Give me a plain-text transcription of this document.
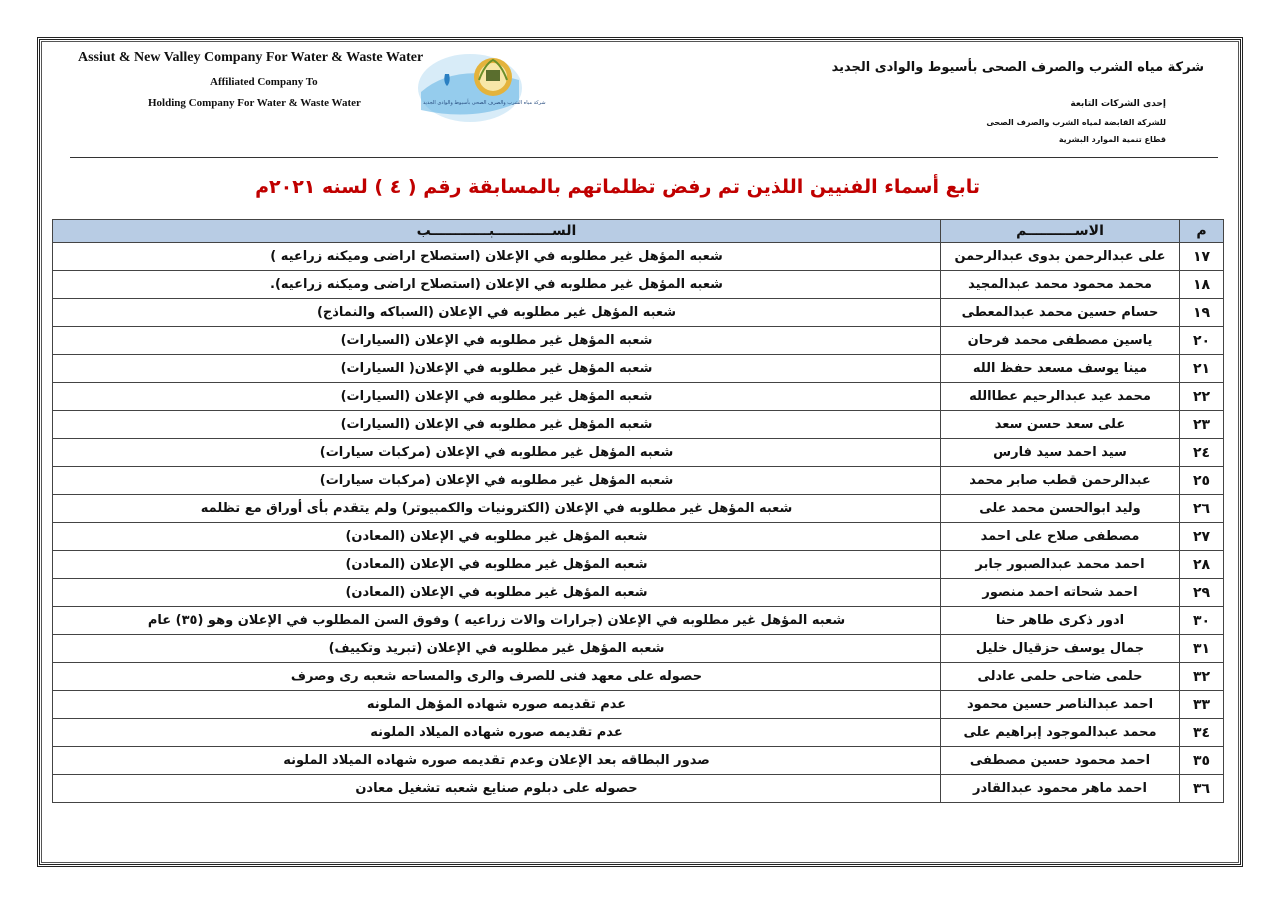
Assiut & New Valley Company For Water & Waste Water
Affiliated Company To
Holding Company For Water & Waste Water	شركة مياه الشرب والصرف الصحى بأسيوط والوادى الجديد
شركة مياه الشرب والصرف الصحى بأسيوط والوادى الجديد
إحدى الشركات التابعة
للشركة القابضة لمياه الشرب والصرف الصحى
قطاع تنمية الموارد البشرية
تابع أسماء الفنيين اللذين تم رفض تظلماتهم بالمسابقة رقم ( ٤ ) لسنه ٢٠٢١م
م	الاســــــــــم	الســــــــــــبــــــــــــب
١٧	على عبدالرحمن بدوى عبدالرحمن	شعبه المؤهل غير مطلوبه في الإعلان (استصلاح اراضى وميكنه زراعيه )
١٨	محمد محمود محمد عبدالمجيد	شعبه المؤهل غير مطلوبه في الإعلان (استصلاح اراضى وميكنه زراعيه).
١٩	حسام حسين محمد عبدالمعطى	شعبه المؤهل غير مطلوبه في الإعلان (السباكه والنماذج)
٢٠	ياسين مصطفى محمد فرحان	شعبه المؤهل غير مطلوبه في الإعلان (السيارات)
٢١	مينا يوسف مسعد حفظ الله	شعبه المؤهل غير مطلوبه في الإعلان( السيارات)
٢٢	محمد عيد عبدالرحيم عطاالله	شعبه المؤهل غير مطلوبه في الإعلان (السيارات)
٢٣	على سعد حسن سعد	شعبه المؤهل غير مطلوبه في الإعلان (السيارات)
٢٤	سيد احمد سيد فارس	شعبه المؤهل غير مطلوبه في الإعلان (مركبات سيارات)
٢٥	عبدالرحمن قطب صابر محمد	شعبه المؤهل غير مطلوبه في الإعلان (مركبات سيارات)
٢٦	وليد ابوالحسن محمد على	شعبه المؤهل غير مطلوبه في الإعلان (الكترونيات والكمبيوتر) ولم يتقدم بأى أوراق مع تظلمه
٢٧	مصطفى صلاح على احمد	شعبه المؤهل غير مطلوبه في الإعلان (المعادن)
٢٨	احمد محمد عبدالصبور جابر	شعبه المؤهل غير مطلوبه في الإعلان (المعادن)
٢٩	احمد شحاته احمد منصور	شعبه المؤهل غير مطلوبه في الإعلان (المعادن)
٣٠	ادور ذكرى طاهر حنا	شعبه المؤهل غير مطلوبه في الإعلان (جرارات والات زراعيه ) وفوق السن المطلوب في الإعلان وهو (٣٥) عام
٣١	جمال يوسف حزقيال خليل	شعبه المؤهل غير مطلوبه في الإعلان (تبريد وتكييف)
٣٢	حلمى ضاحى حلمى عادلى	حصوله على معهد فنى للصرف والرى والمساحه شعبه رى وصرف
٣٣	احمد عبدالناصر حسين محمود	عدم تقديمه صوره شهاده المؤهل الملونه
٣٤	محمد عبدالموجود إبراهيم على	عدم تقديمه صوره شهاده الميلاد الملونه
٣٥	احمد محمود حسين مصطفى	صدور البطاقه بعد الإعلان وعدم تقديمه صوره شهاده الميلاد الملونه
٣٦	احمد ماهر محمود عبدالقادر	حصوله على دبلوم صنايع شعبه تشغيل معادن
